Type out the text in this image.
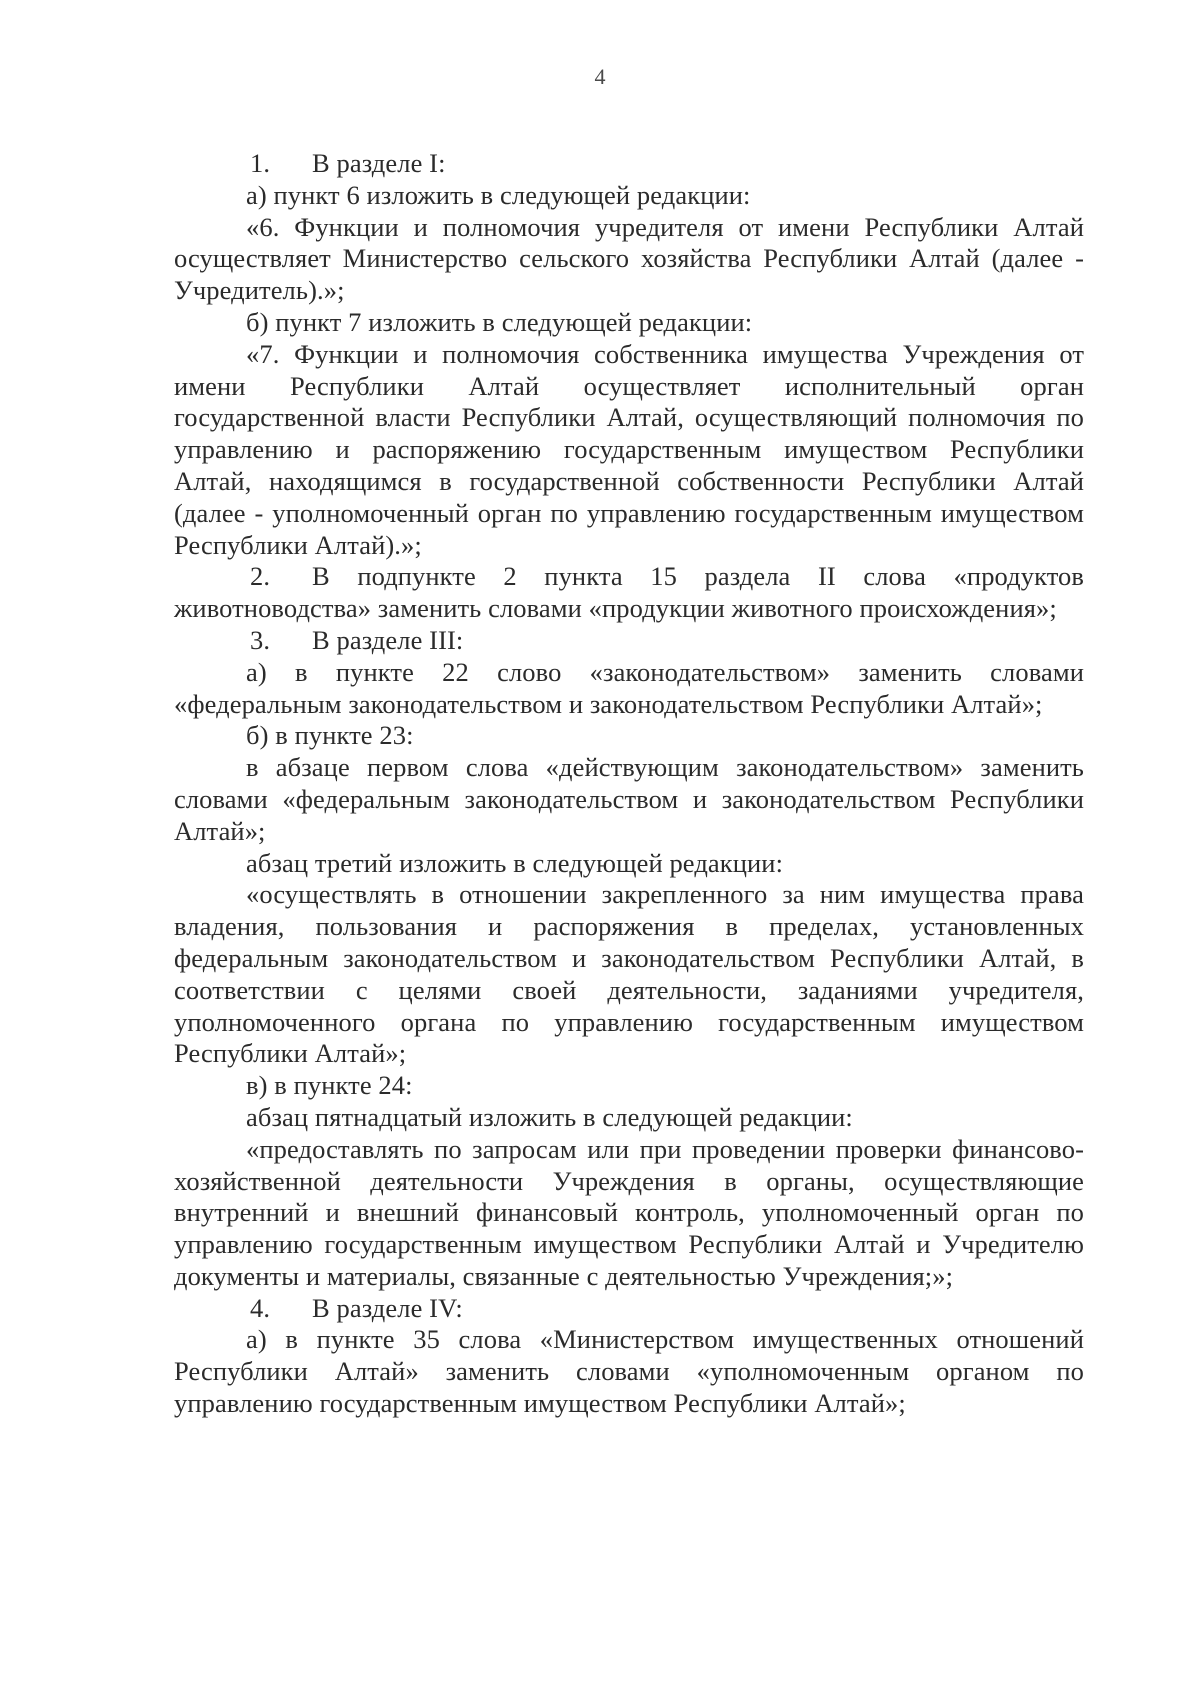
4

1. В разделе I:

а) пункт 6 изложить в следующей редакции:

«6. Функции и полномочия учредителя от имени Республики Алтай осуществляет Министерство сельского хозяйства Республики Алтай (далее - Учредитель).»;

б) пункт 7 изложить в следующей редакции:

«7. Функции и полномочия собственника имущества Учреждения от имени Республики Алтай осуществляет исполнительный орган государственной власти Республики Алтай, осуществляющий полномочия по управлению и распоряжению государственным имуществом Республики Алтай, находящимся в государственной собственности Республики Алтай (далее - уполномоченный орган по управлению государственным имуществом Республики Алтай).»;

2. В подпункте 2 пункта 15 раздела II слова «продуктов животноводства» заменить словами «продукции животного происхождения»;

3. В разделе III:

а) в пункте 22 слово «законодательством» заменить словами «федеральным законодательством и законодательством Республики Алтай»;

б) в пункте 23:

в абзаце первом слова «действующим законодательством» заменить словами «федеральным законодательством и законодательством Республики Алтай»;

абзац третий изложить в следующей редакции:

«осуществлять в отношении закрепленного за ним имущества права владения, пользования и распоряжения в пределах, установленных федеральным законодательством и законодательством Республики Алтай, в соответствии с целями своей деятельности, заданиями учредителя, уполномоченного органа по управлению государственным имуществом Республики Алтай»;

в) в пункте 24:

абзац пятнадцатый изложить в следующей редакции:

«предоставлять по запросам или при проведении проверки финансово-хозяйственной деятельности Учреждения в органы, осуществляющие внутренний и внешний финансовый контроль, уполномоченный орган по управлению государственным имуществом Республики Алтай и Учредителю документы и материалы, связанные с деятельностью Учреждения;»;

4. В разделе IV:

а) в пункте 35 слова «Министерством имущественных отношений Республики Алтай» заменить словами «уполномоченным органом по управлению государственным имуществом Республики Алтай»;
